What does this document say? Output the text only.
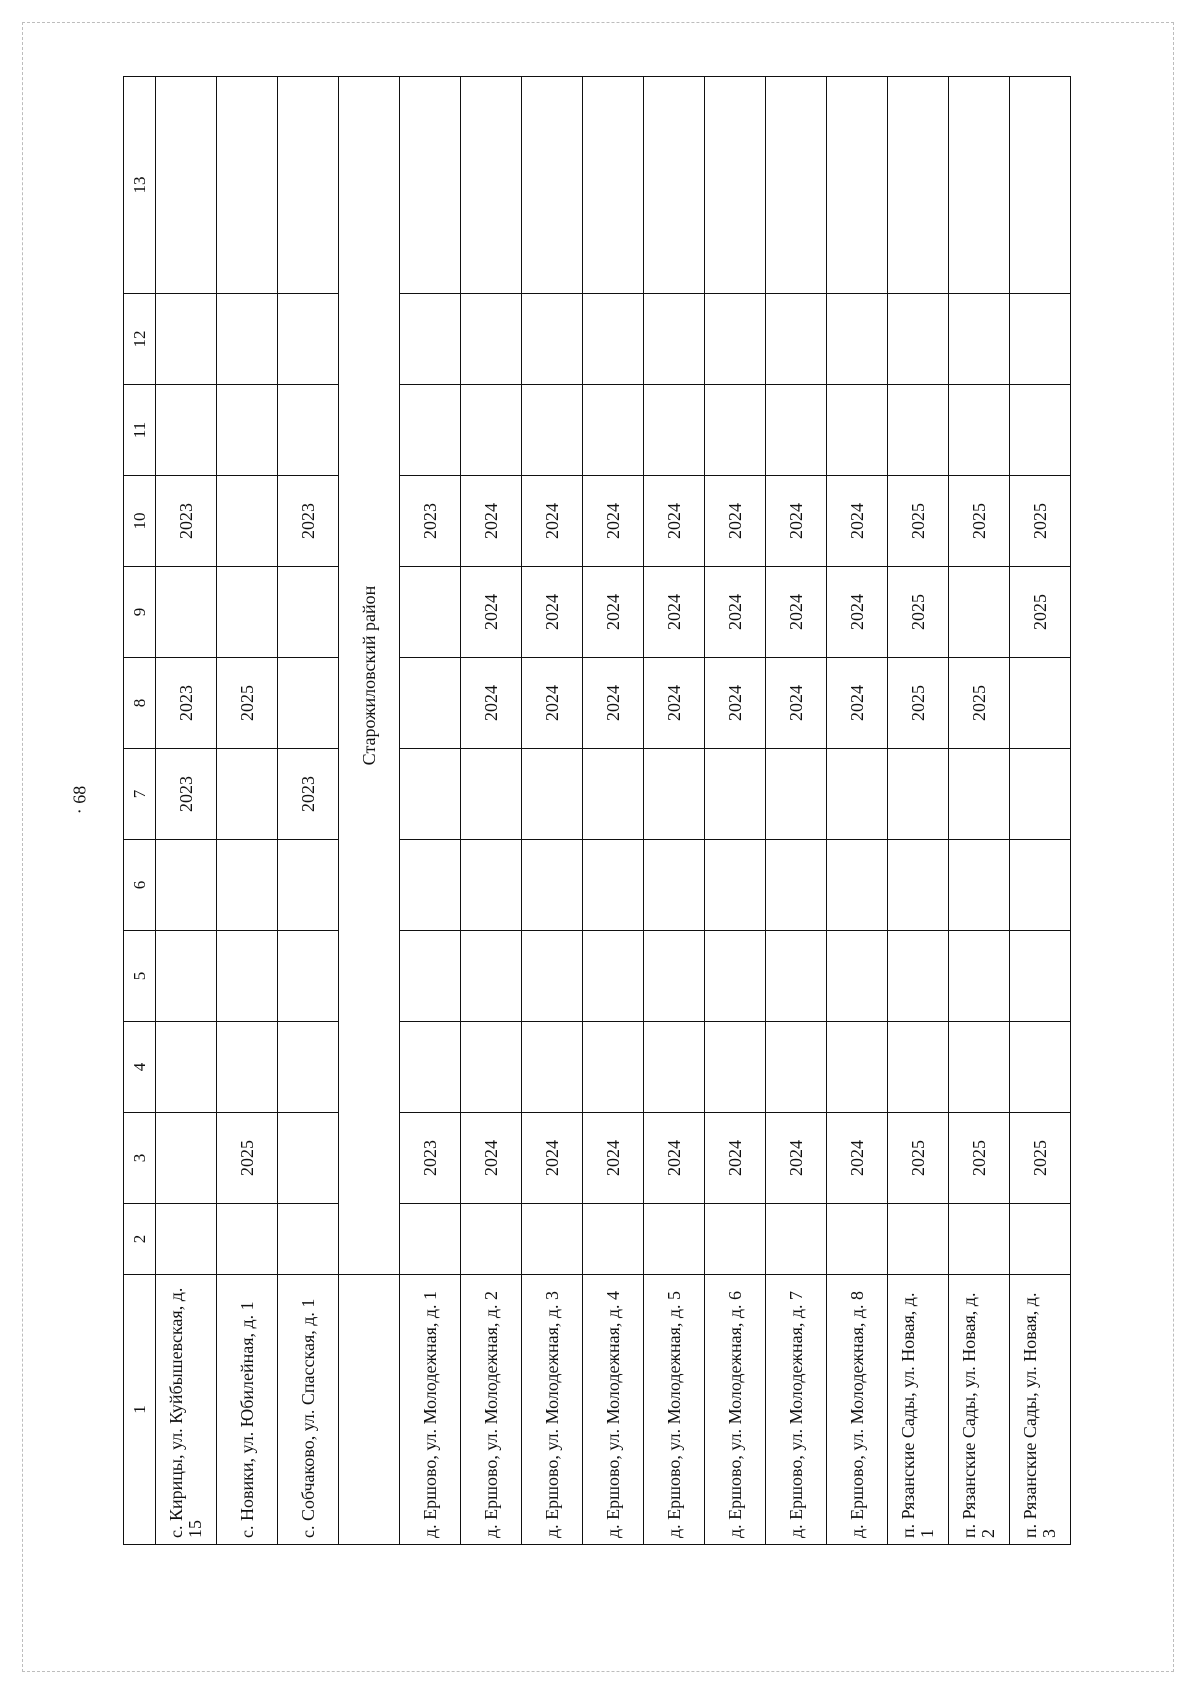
· 68
1	2	3	4	5	6	7	8	9	10	11	12	13
с. Кирицы, ул. Куйбышевская, д. 15						2023	2023		2023			
с. Новики, ул. Юбилейная, д. 1		2025					2025					
с. Собчаково, ул. Спасская, д. 1						2023			2023			
	Старожиловский район											
д. Ершово, ул. Молодежная, д. 1		2023							2023			
д. Ершово, ул. Молодежная, д. 2		2024					2024	2024	2024			
д. Ершово, ул. Молодежная, д. 3		2024					2024	2024	2024			
д. Ершово, ул. Молодежная, д. 4		2024					2024	2024	2024			
д. Ершово, ул. Молодежная, д. 5		2024					2024	2024	2024			
д. Ершово, ул. Молодежная, д. 6		2024					2024	2024	2024			
д. Ершово, ул. Молодежная, д. 7		2024					2024	2024	2024			
д. Ершово, ул. Молодежная, д. 8		2024					2024	2024	2024			
п. Рязанские Сады, ул. Новая, д. 1		2025					2025	2025	2025			
п. Рязанские Сады, ул. Новая, д. 2		2025					2025		2025			
п. Рязанские Сады, ул. Новая, д. 3		2025						2025	2025			
